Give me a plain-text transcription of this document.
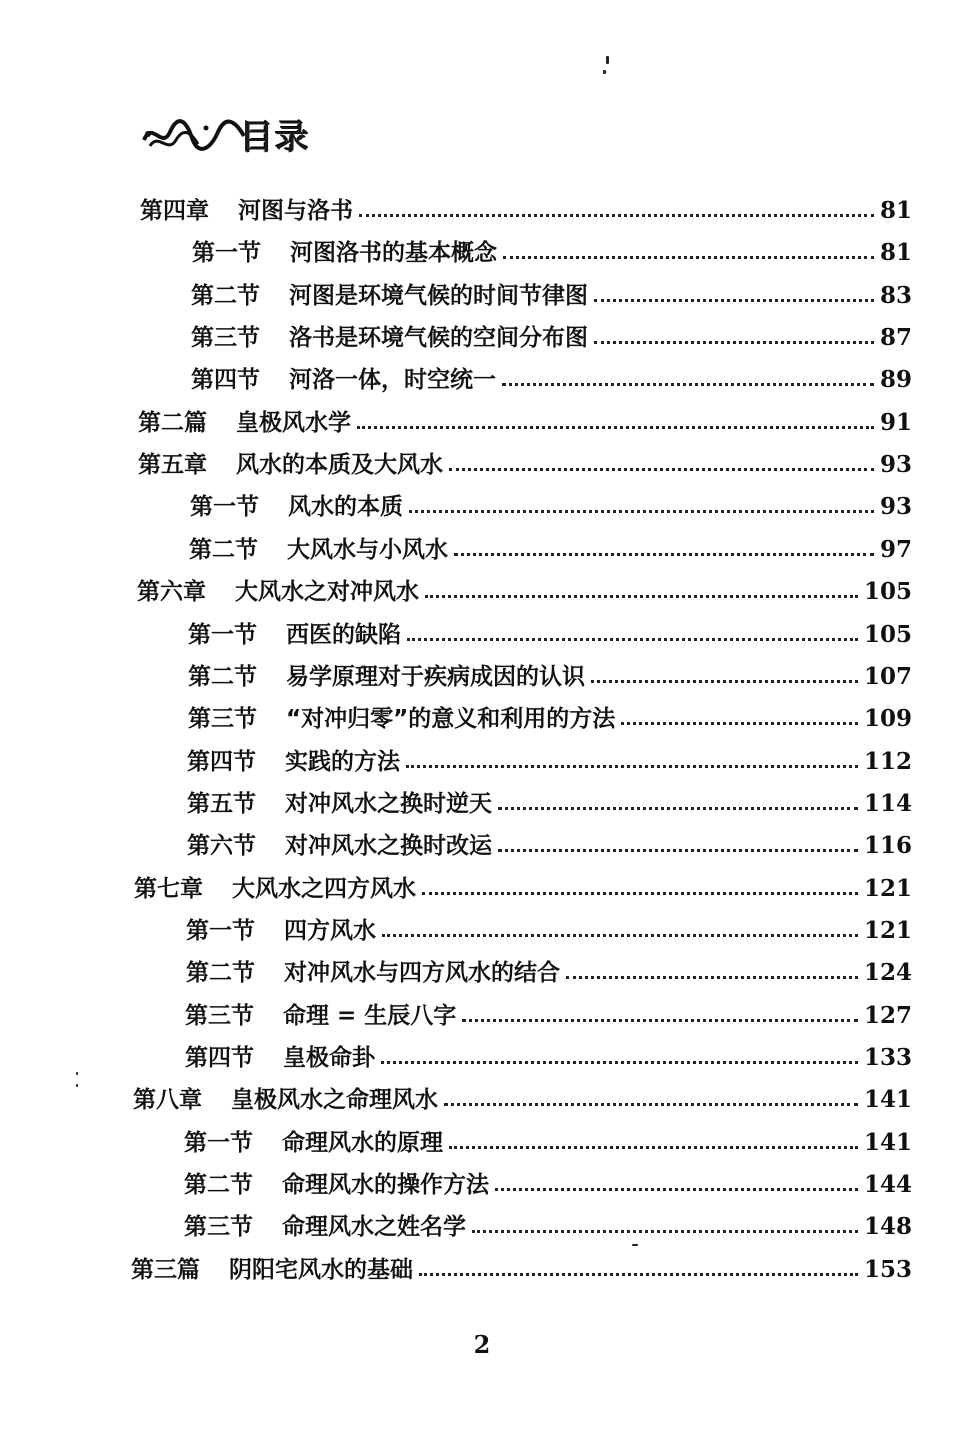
目录
第四章 河图与洛书	81
第一节 河图洛书的基本概念	81
第二节 河图是环境气候的时间节律图	83
第三节 洛书是环境气候的空间分布图	87
第四节 河洛一体，时空统一	89
第二篇 皇极风水学	91
第五章 风水的本质及大风水	93
第一节 风水的本质	93
第二节 大风水与小风水	97
第六章 大风水之对冲风水	105
第一节 西医的缺陷	105
第二节 易学原理对于疾病成因的认识	107
第三节 “对冲归零”的意义和利用的方法	109
第四节 实践的方法	112
第五节 对冲风水之换时逆天	114
第六节 对冲风水之换时改运	116
第七章 大风水之四方风水	121
第一节 四方风水	121
第二节 对冲风水与四方风水的结合	124
第三节 命理 = 生辰八字	127
第四节 皇极命卦	133
第八章 皇极风水之命理风水	141
第一节 命理风水的原理	141
第二节 命理风水的操作方法	144
第三节 命理风水之姓名学	148
第三篇 阴阳宅风水的基础	153
2
